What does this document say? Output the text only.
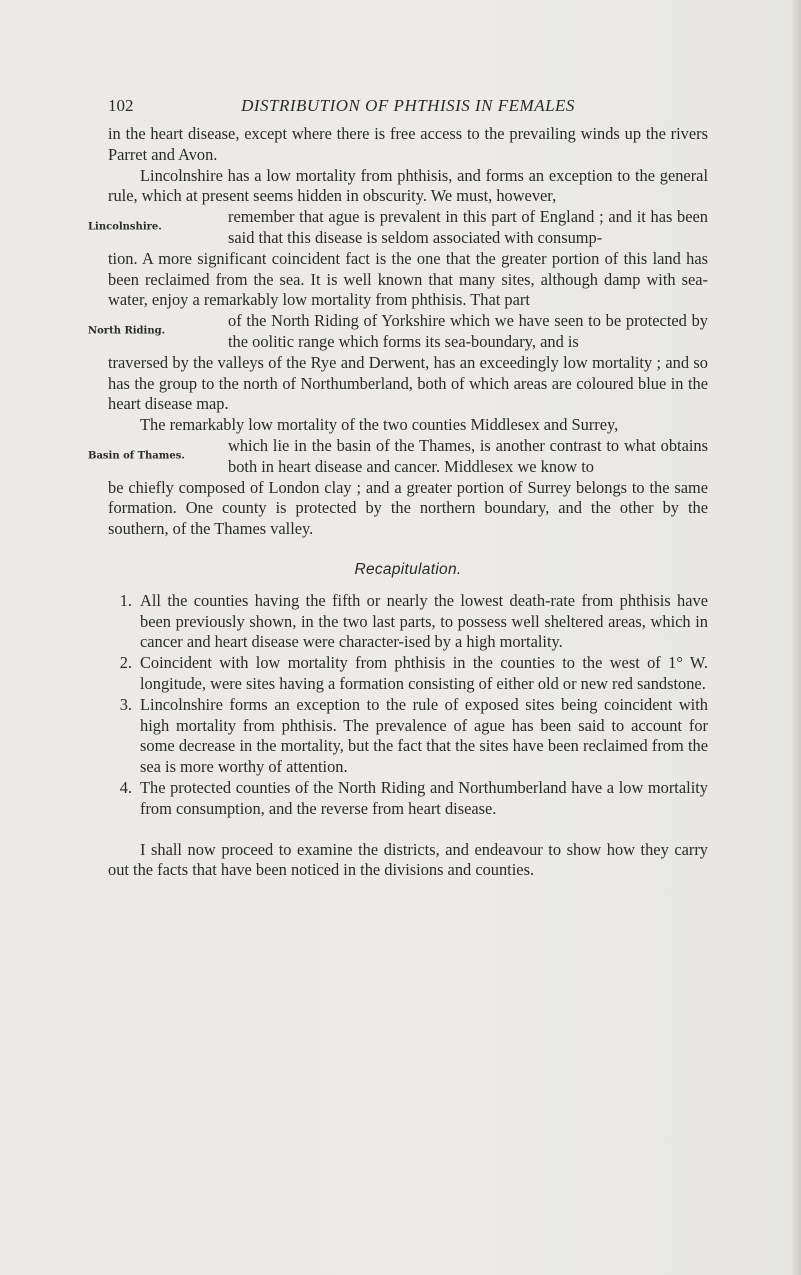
102	DISTRIBUTION OF PHTHISIS IN FEMALES

in the heart disease, except where there is free access to the prevailing winds up the rivers Parret and Avon.

Lincolnshire has a low mortality from phthisis, and forms an exception to the general rule, which at present seems hidden in obscurity. We must, however,

Lincolnshire.
remember that ague is prevalent in this part of England ; and it has been said that this disease is seldom associated with consump-

tion. A more significant coincident fact is the one that the greater portion of this land has been reclaimed from the sea. It is well known that many sites, although damp with sea-water, enjoy a remarkably low mortality from phthisis. That part

North Riding.
of the North Riding of Yorkshire which we have seen to be protected by the oolitic range which forms its sea-boundary, and is

traversed by the valleys of the Rye and Derwent, has an exceedingly low mortality ; and so has the group to the north of Northumberland, both of which areas are coloured blue in the heart disease map.

The remarkably low mortality of the two counties Middlesex and Surrey,

Basin of Thames.
which lie in the basin of the Thames, is another contrast to what obtains both in heart disease and cancer. Middlesex we know to

be chiefly composed of London clay ; and a greater portion of Surrey belongs to the same formation. One county is protected by the northern boundary, and the other by the southern, of the Thames valley.

Recapitulation.
1. All the counties having the fifth or nearly the lowest death-rate from phthisis have been previously shown, in the two last parts, to possess well sheltered areas, which in cancer and heart disease were character-ised by a high mortality.
2. Coincident with low mortality from phthisis in the counties to the west of 1° W. longitude, were sites having a formation consisting of either old or new red sandstone.
3. Lincolnshire forms an exception to the rule of exposed sites being coincident with high mortality from phthisis. The prevalence of ague has been said to account for some decrease in the mortality, but the fact that the sites have been reclaimed from the sea is more worthy of attention.
4. The protected counties of the North Riding and Northumberland have a low mortality from consumption, and the reverse from heart disease.

I shall now proceed to examine the districts, and endeavour to show how they carry out the facts that have been noticed in the divisions and counties.
